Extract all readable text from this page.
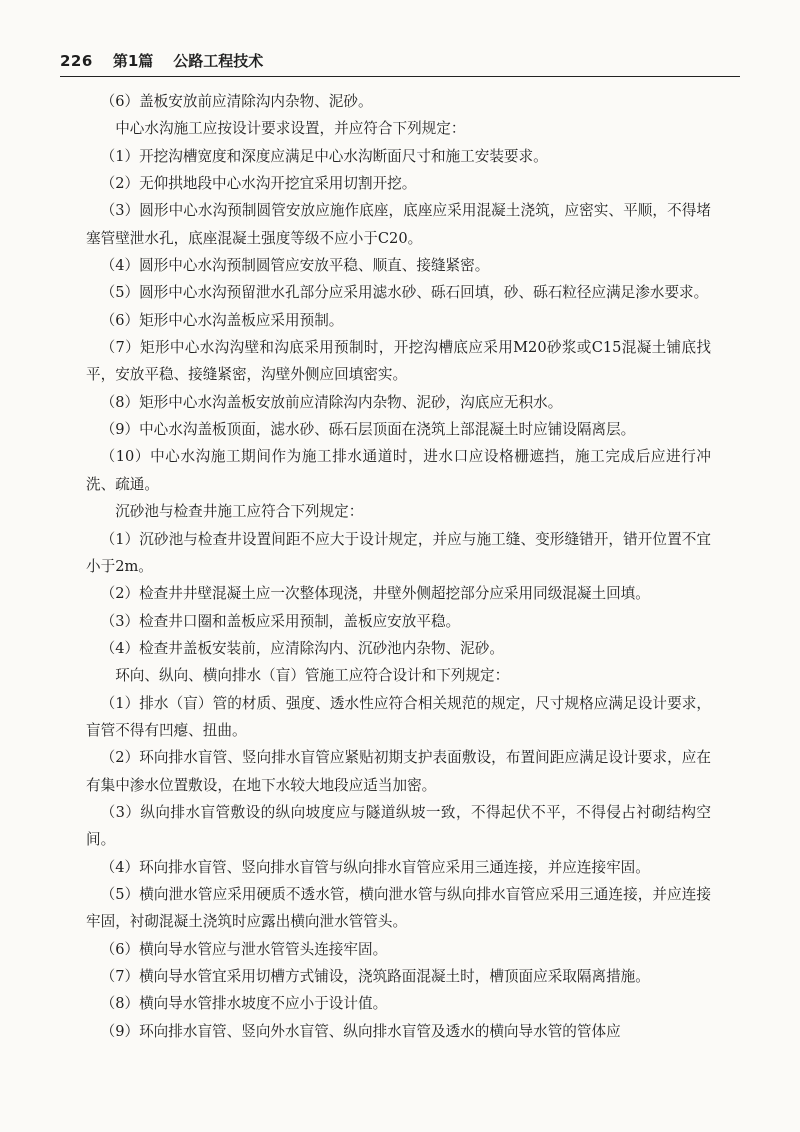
226 第1篇 公路工程技术

（6）盖板安放前应清除沟内杂物、泥砂。

中心水沟施工应按设计要求设置，并应符合下列规定：

（1）开挖沟槽宽度和深度应满足中心水沟断面尺寸和施工安装要求。

（2）无仰拱地段中心水沟开挖宜采用切割开挖。

（3）圆形中心水沟预制圆管安放应施作底座，底座应采用混凝土浇筑，应密实、平顺，不得堵塞管壁泄水孔，底座混凝土强度等级不应小于C20。

（4）圆形中心水沟预制圆管应安放平稳、顺直、接缝紧密。

（5）圆形中心水沟预留泄水孔部分应采用滤水砂、砾石回填，砂、砾石粒径应满足渗水要求。

（6）矩形中心水沟盖板应采用预制。

（7）矩形中心水沟沟壁和沟底采用预制时，开挖沟槽底应采用M20砂浆或C15混凝土铺底找平，安放平稳、接缝紧密，沟壁外侧应回填密实。

（8）矩形中心水沟盖板安放前应清除沟内杂物、泥砂，沟底应无积水。

（9）中心水沟盖板顶面，滤水砂、砾石层顶面在浇筑上部混凝土时应铺设隔离层。

（10）中心水沟施工期间作为施工排水通道时，进水口应设格栅遮挡，施工完成后应进行冲洗、疏通。

沉砂池与检查井施工应符合下列规定：

（1）沉砂池与检查井设置间距不应大于设计规定，并应与施工缝、变形缝错开，错开位置不宜小于2m。

（2）检查井井壁混凝土应一次整体现浇，井壁外侧超挖部分应采用同级混凝土回填。

（3）检查井口圈和盖板应采用预制，盖板应安放平稳。

（4）检查井盖板安装前，应清除沟内、沉砂池内杂物、泥砂。

环向、纵向、横向排水（盲）管施工应符合设计和下列规定：

（1）排水（盲）管的材质、强度、透水性应符合相关规范的规定，尺寸规格应满足设计要求，盲管不得有凹瘪、扭曲。

（2）环向排水盲管、竖向排水盲管应紧贴初期支护表面敷设，布置间距应满足设计要求，应在有集中渗水位置敷设，在地下水较大地段应适当加密。

（3）纵向排水盲管敷设的纵向坡度应与隧道纵坡一致，不得起伏不平，不得侵占衬砌结构空间。

（4）环向排水盲管、竖向排水盲管与纵向排水盲管应采用三通连接，并应连接牢固。

（5）横向泄水管应采用硬质不透水管，横向泄水管与纵向排水盲管应采用三通连接，并应连接牢固，衬砌混凝土浇筑时应露出横向泄水管管头。

（6）横向导水管应与泄水管管头连接牢固。

（7）横向导水管宜采用切槽方式铺设，浇筑路面混凝土时，槽顶面应采取隔离措施。

（8）横向导水管排水坡度不应小于设计值。

（9）环向排水盲管、竖向外水盲管、纵向排水盲管及透水的横向导水管的管体应
